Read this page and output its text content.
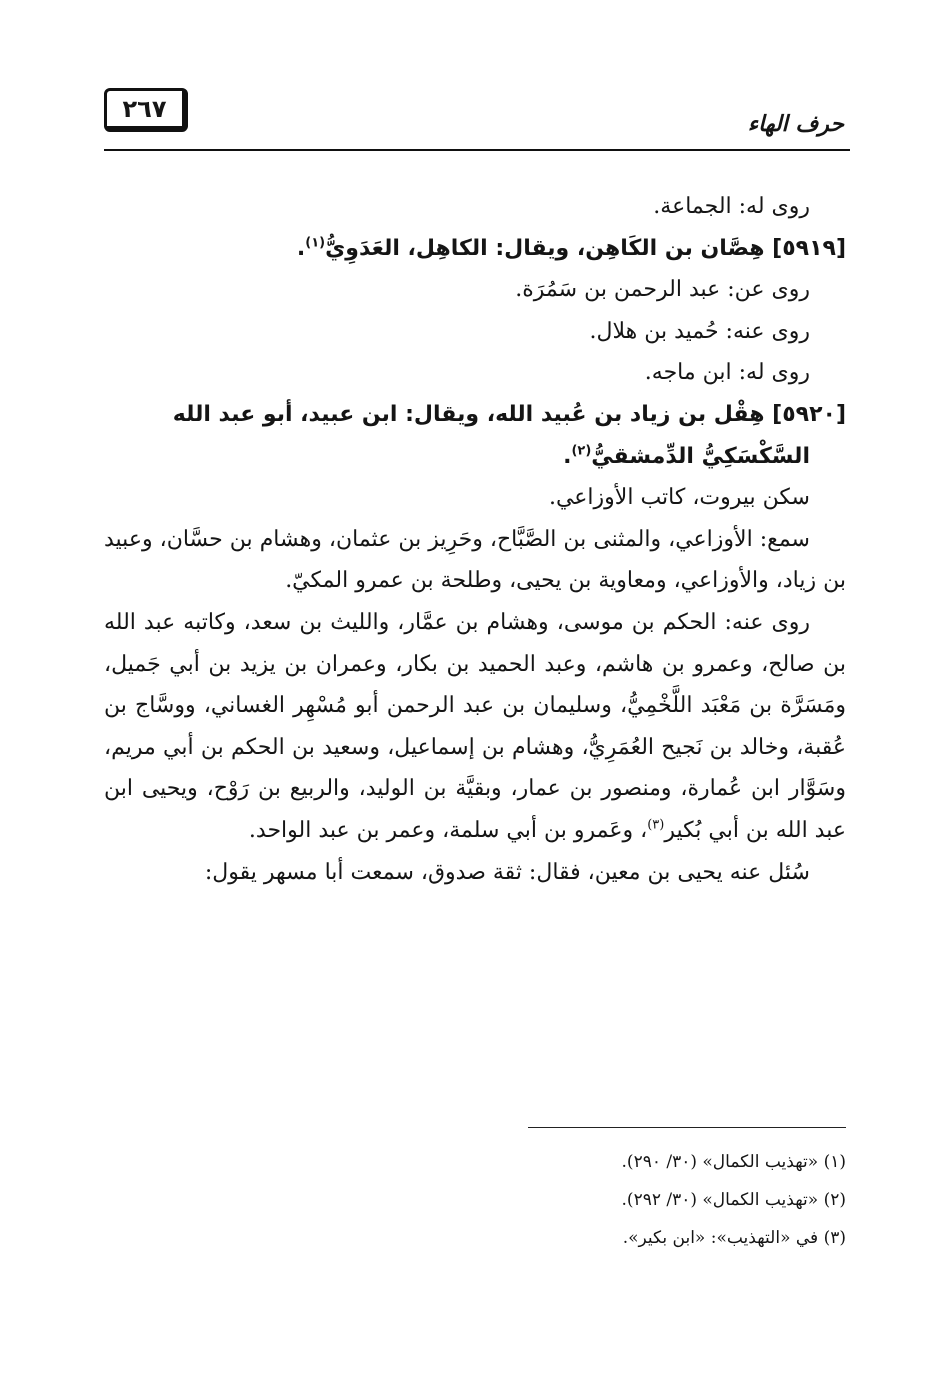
٢٦٧
حرف الهاء

روى له: الجماعة.

[٥٩١٩] هِصَّان بن الكَاهِن، ويقال: الكاهِل، العَدَوِيُّ$^{(١)}$.

روى عن: عبد الرحمن بن سَمُرَة.

روى عنه: حُميد بن هلال.

روى له: ابن ماجه.

[٥٩٢٠] هِقْل بن زياد بن عُبيد الله، ويقال: ابن عبيد، أبو عبد الله

السَّكْسَكِيُّ الدِّمشقيُّ$^{(٢)}$.

سكن بيروت، كاتب الأوزاعي.

سمع: الأوزاعي، والمثنى بن الصَّبَّاح، وحَرِيز بن عثمان، وهشام بن حسَّان، وعبيد بن زياد، والأوزاعي، ومعاوية بن يحيى، وطلحة بن عمرو المكيّ.

روى عنه: الحكم بن موسى، وهشام بن عمَّار، والليث بن سعد، وكاتبه عبد الله بن صالح، وعمرو بن هاشم، وعبد الحميد بن بكار، وعمران بن يزيد بن أبي جَميل، ومَسَرَّة بن مَعْبَد اللَّخْمِيُّ، وسليمان بن عبد الرحمن أبو مُسْهِر الغساني، ووسَّاج بن عُقبة، وخالد بن نَجيح العُمَرِيُّ، وهشام بن إسماعيل، وسعيد بن الحكم بن أبي مريم، وسَوَّار ابن عُمارة، ومنصور بن عمار، وبقيَّة بن الوليد، والربيع بن رَوْح، ويحيى ابن عبد الله بن أبي بُكير$^{(٣)}$، وعَمرو بن أبي سلمة، وعمر بن عبد الواحد.

سُئل عنه يحيى بن معين، فقال: ثقة صدوق، سمعت أبا مسهر يقول:

(١) «تهذيب الكمال» (٣٠/ ٢٩٠).

(٢) «تهذيب الكمال» (٣٠/ ٢٩٢).

(٣) في «التهذيب»: «ابن بكير».
